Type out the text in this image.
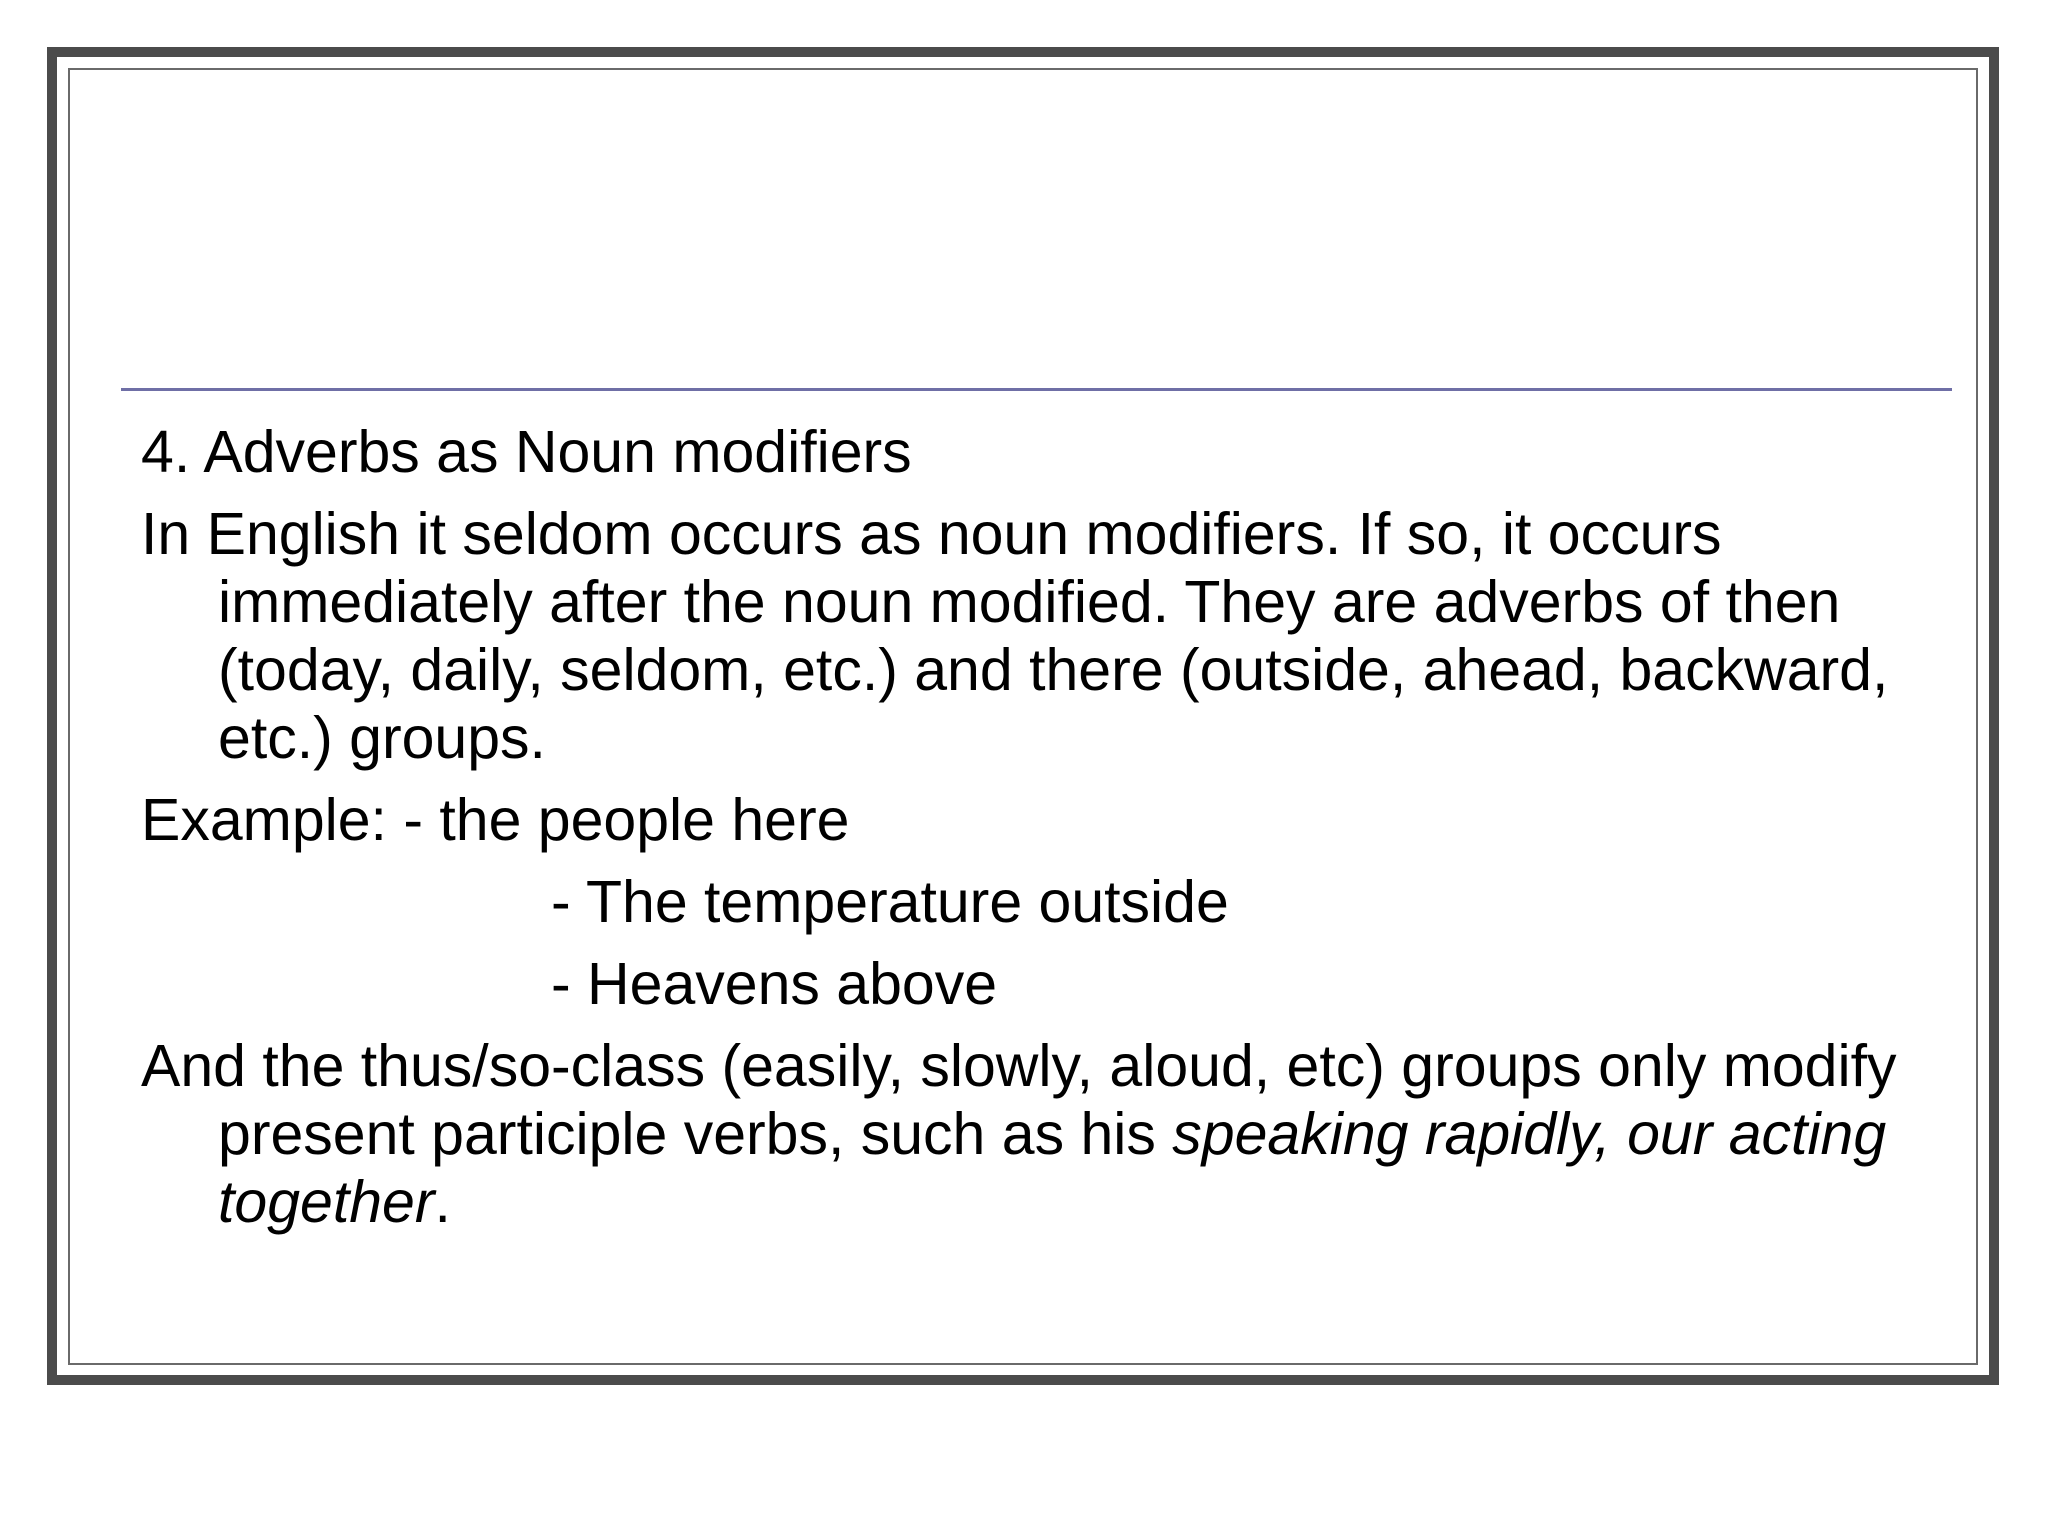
4. Adverbs as Noun modifiers

In English it seldom occurs as noun modifiers. If so, it occurs immediately after the noun modified. They are adverbs of then (today, daily, seldom, etc.) and there (outside, ahead, backward, etc.) groups.

Example: - the people here

- The temperature outside

- Heavens above

And the thus/so-class (easily, slowly, aloud, etc) groups only modify present participle verbs, such as his speaking rapidly, our acting together.
